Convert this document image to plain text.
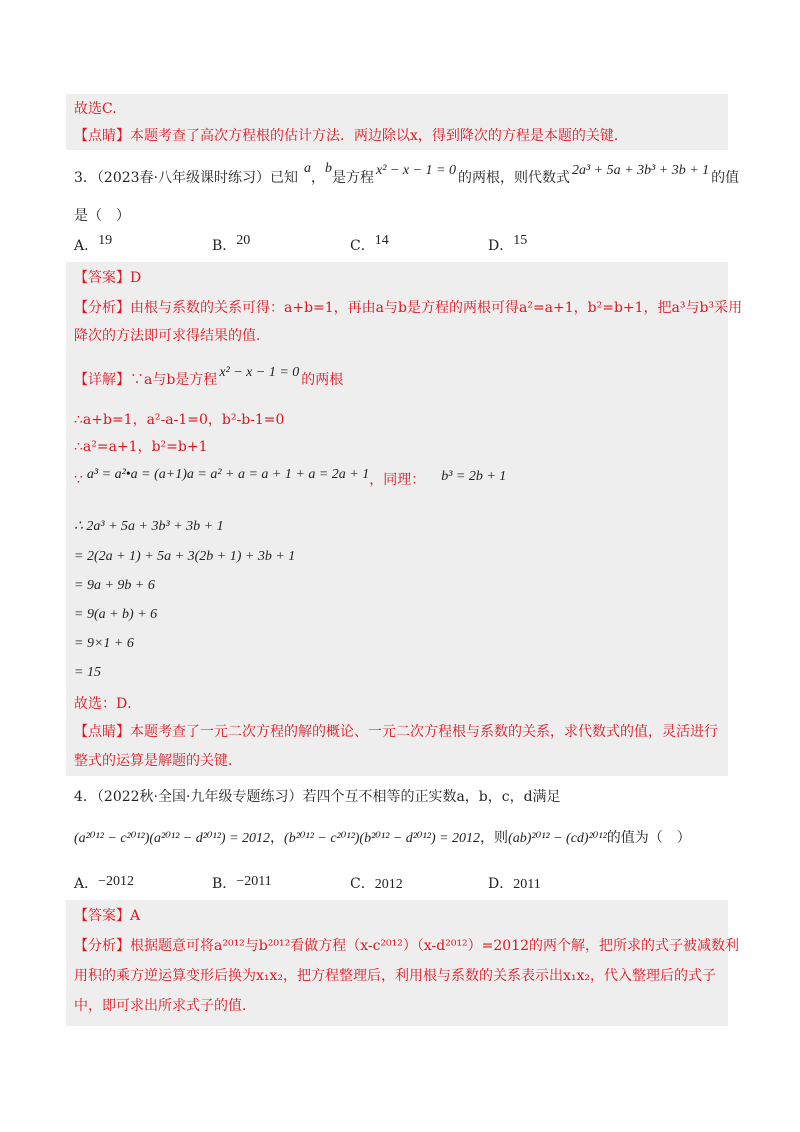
故选C.
【点睛】本题考查了高次方程根的估计方法．两边除以x，得到降次的方程是本题的关键．
3．（2023春·八年级课时练习）已知a，b是方程 x² − x − 1 = 0 的两根，则代数式 2a³ + 5a + 3b³ + 3b + 1 的值
是（　）
A．19	B．20	C．14	D．15
【答案】D
【分析】由根与系数的关系可得：a+b=1，再由a与b是方程的两根可得a²=a+1，b²=b+1，把a³与b³采用
降次的方法即可求得结果的值．
【详解】∵a与b是方程 x² − x − 1 = 0 的两根
∴a+b=1，a²-a-1=0，b²-b-1=0
∴a²=a+1，b²=b+1
∵ a³ = a²•a = (a+1)a = a² + a = a + 1 + a = 2a + 1，同理： b³ = 2b + 1
∴ 2a³ + 5a + 3b³ + 3b + 1
= 2(2a + 1) + 5a + 3(2b + 1) + 3b + 1
= 9a + 9b + 6
= 9(a + b) + 6
= 9×1 + 6
= 15
故选：D．
【点睛】本题考查了一元二次方程的解的概论、一元二次方程根与系数的关系，求代数式的值，灵活进行
整式的运算是解题的关键．
4．（2022秋·全国·九年级专题练习）若四个互不相等的正实数a，b，c，d满足
(a²⁰¹² − c²⁰¹²)(a²⁰¹² − d²⁰¹²) = 2012，(b²⁰¹² − c²⁰¹²)(b²⁰¹² − d²⁰¹²) = 2012，则(ab)²⁰¹² − (cd)²⁰¹²的值为（　）
A．−2012	B．−2011	C．2012	D．2011
【答案】A
【分析】根据题意可将a²⁰¹²与b²⁰¹²看做方程（x-c²⁰¹²）（x-d²⁰¹²）=2012的两个解，把所求的式子被减数利
用积的乘方逆运算变形后换为x₁x₂，把方程整理后，利用根与系数的关系表示出x₁x₂，代入整理后的式子
中，即可求出所求式子的值．
